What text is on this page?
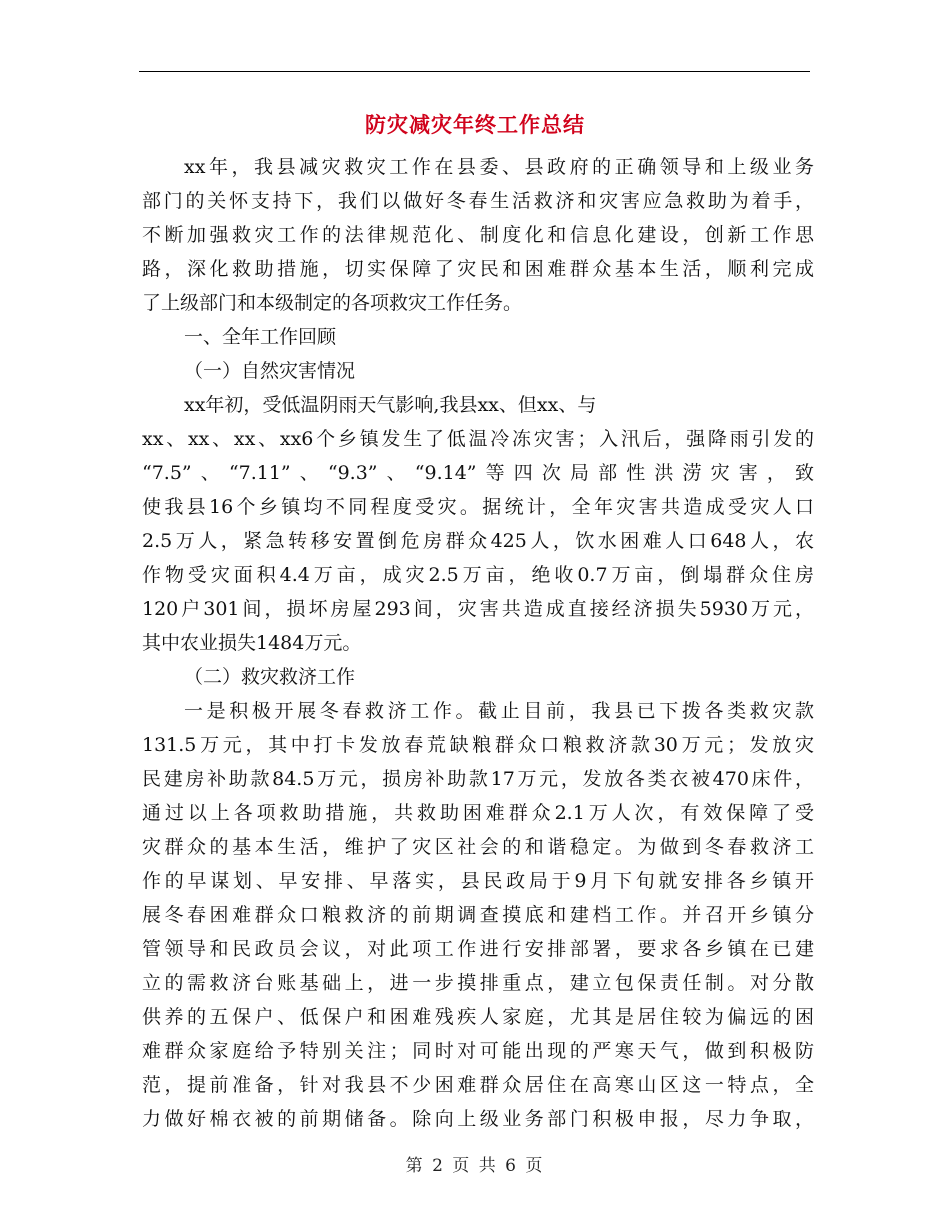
防灾减灾年终工作总结
xx年，我县减灾救灾工作在县委、县政府的正确领导和上级业务
部门的关怀支持下，我们以做好冬春生活救济和灾害应急救助为着手，
不断加强救灾工作的法律规范化、制度化和信息化建设，创新工作思
路，深化救助措施，切实保障了灾民和困难群众基本生活，顺利完成
了上级部门和本级制定的各项救灾工作任务。
一、全年工作回顾
（一）自然灾害情况
xx年初，受低温阴雨天气影响,我县xx、但xx、与
xx、xx、xx、xx6个乡镇发生了低温冷冻灾害；入汛后，强降雨引发的
“7.5”、“7.11”、“9.3”、“9.14”等四次局部性洪涝灾害，致
使我县16个乡镇均不同程度受灾。据统计，全年灾害共造成受灾人口
2.5万人，紧急转移安置倒危房群众425人，饮水困难人口648人，农
作物受灾面积4.4万亩，成灾2.5万亩，绝收0.7万亩，倒塌群众住房
120户301间，损坏房屋293间，灾害共造成直接经济损失5930万元，
其中农业损失1484万元。
（二）救灾救济工作
一是积极开展冬春救济工作。截止目前，我县已下拨各类救灾款
131.5万元，其中打卡发放春荒缺粮群众口粮救济款30万元；发放灾
民建房补助款84.5万元，损房补助款17万元，发放各类衣被470床件，
通过以上各项救助措施，共救助困难群众2.1万人次，有效保障了受
灾群众的基本生活，维护了灾区社会的和谐稳定。为做到冬春救济工
作的早谋划、早安排、早落实，县民政局于9月下旬就安排各乡镇开
展冬春困难群众口粮救济的前期调查摸底和建档工作。并召开乡镇分
管领导和民政员会议，对此项工作进行安排部署，要求各乡镇在已建
立的需救济台账基础上，进一步摸排重点，建立包保责任制。对分散
供养的五保户、低保户和困难残疾人家庭，尤其是居住较为偏远的困
难群众家庭给予特别关注；同时对可能出现的严寒天气，做到积极防
范，提前准备，针对我县不少困难群众居住在高寒山区这一特点，全
力做好棉衣被的前期储备。除向上级业务部门积极申报，尽力争取，
第 2 页 共 6 页
